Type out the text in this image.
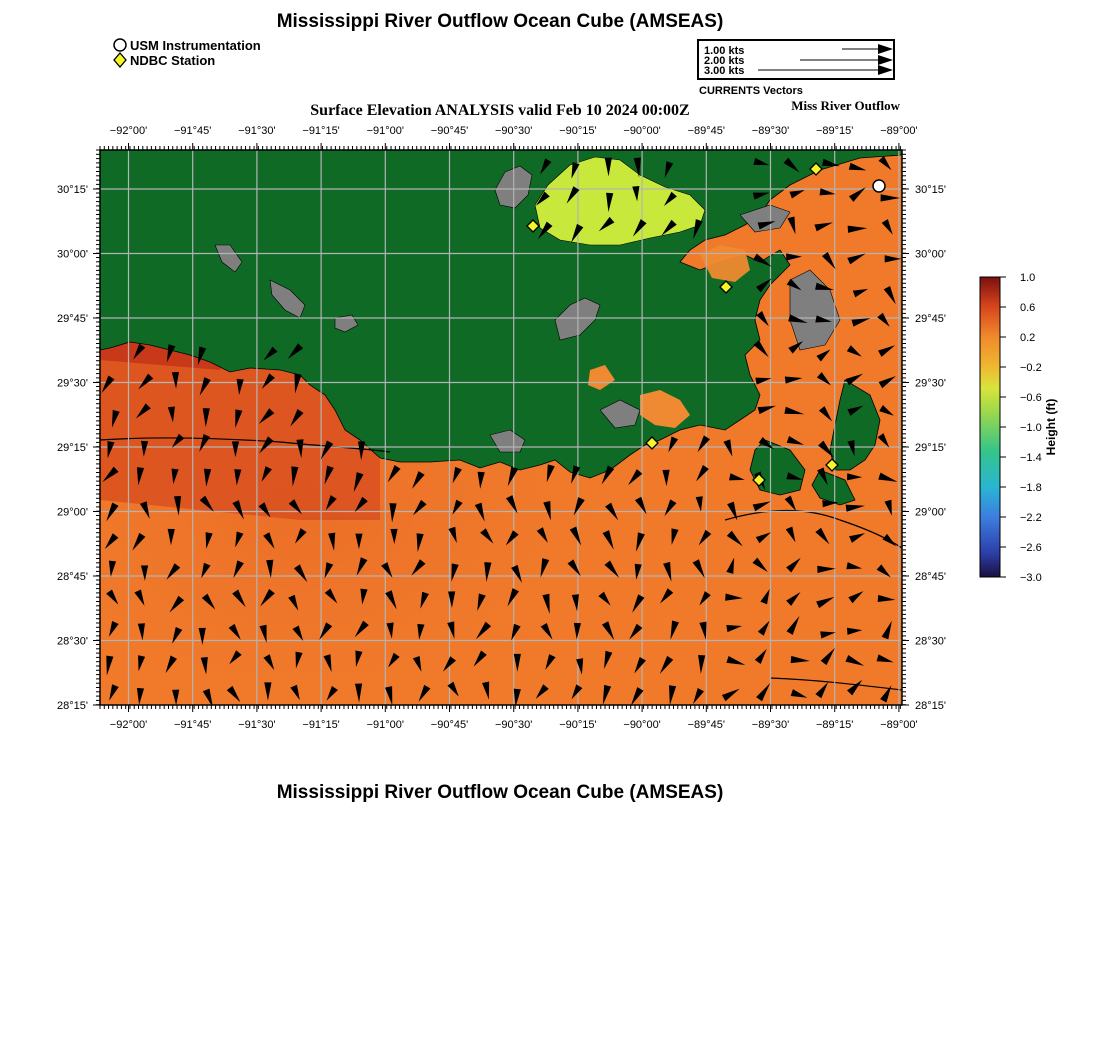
Mississippi River Outflow Ocean Cube (AMSEAS)
Mississippi River Outflow Ocean Cube (AMSEAS)
USM Instrumentation
NDBC Station
1.00 kts
2.00 kts
3.00 kts
CURRENTS Vectors
Surface Elevation ANALYSIS valid Feb 10 2024 00:00Z	Miss River Outflow
−92°00' −91°45' −91°30' −91°15' −91°00' −90°45' −90°30' −90°15' −90°00' −89°45' −89°30' −89°15' −89°00'
−92°00' −91°45' −91°30' −91°15' −91°00' −90°45' −90°30' −90°15' −90°00' −89°45' −89°30' −89°15' −89°00'
30°15'
30°00'
29°45'
29°30'
29°15'
29°00'
28°45'
28°30'
28°15'
30°15'
30°00'
29°45'
29°30'
29°15'
29°00'
28°45'
28°30'
28°15'
1.0
0.6
0.2
−0.2
−0.6
−1.0
−1.4
−1.8
−2.2
−2.6
−3.0
Height (ft)
